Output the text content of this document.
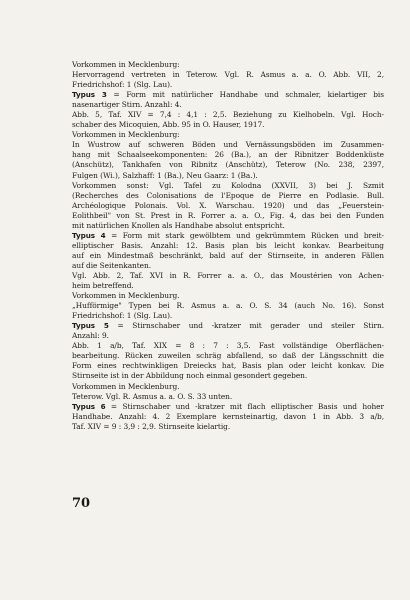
Vorkommen in Mecklenburg:
Hervorragend vertreten in Teterow. Vgl. R. Asmus a. a. O. Abb. VII, 2,
Friedrichshof: 1 (Slg. Lau).
Typus 3 = Form mit natürlicher Handhabe und schmaler, kielartiger bis
nasenartiger Stirn. Anzahl: 4.
Abb. 5, Taf. XIV = 7,4 : 4,1 : 2,5. Beziehung zu Kielhobeln. Vgl. Hoch-
schaber des Micoquien, Abb. 95 in O. Hauser, 1917.
Vorkommen in Mecklenburg:
In Wustrow auf schweren Böden und Vernässungsböden im Zusammen-
hang mit Schaalseekomponenten: 26 (Ba.), an der Ribnitzer Boddenküste
(Anschütz), Tankhafen von Ribnitz (Anschütz), Teterow (No. 238, 2397,
Fulgen (Wi.), Salzhaff: 1 (Ba.), Neu Gaarz: 1 (Ba.).
Vorkommen sonst: Vgl. Tafel zu Kolodna (XXVII, 3) bei J. Szmit
(Recherches des Colonisations de l'Epoque de Pierre en Podlasie. Bull.
Archéologique Polonais. Vol. X. Warschau. 1920) und das „Feuerstein-
Eolithbeil" von St. Prest in R. Forrer a. a. O., Fig. 4, das bei den Funden
mit natürlichen Knollen als Handhabe absolut entspricht.
Typus 4 = Form mit stark gewölbtem und gekrümmtem Rücken und breit-
elliptischer Basis. Anzahl: 12. Basis plan bis leicht konkav. Bearbeitung
auf ein Mindestmaß beschränkt, bald auf der Stirnseite, in anderen Fällen
auf die Seitenkanten.
Vgl. Abb. 2, Taf. XVI in R. Forrer a. a. O., das Moustérien von Achen-
heim betreffend.
Vorkommen in Mecklenburg.
„Hufförmige" Typen bei R. Asmus a. a. O. S. 34 (auch No. 16). Sonst
Friedrichshof: 1 (Slg. Lau).
Typus 5 = Stirnschaber und -kratzer mit gerader und steiler Stirn.
Anzahl: 9.
Abb. 1 a/b, Taf. XIX = 8 : 7 : 3,5. Fast vollständige Oberflächen-
bearbeitung. Rücken zuweilen schräg abfallend, so daß der Längsschnitt die
Form eines rechtwinkligen Dreiecks hat, Basis plan oder leicht konkav. Die
Stirnseite ist in der Abbildung noch einmal gesondert gegeben.
Vorkommen in Mecklenburg.
Teterow. Vgl. R. Asmus a. a. O. S. 33 unten.
Typus 6 = Stirnschaber und -kratzer mit flach elliptischer Basis und hoher
Handhabe. Anzahl: 4. 2 Exemplare kernsteinartig, davon 1 in Abb. 3 a/b,
Taf. XIV = 9 : 3,9 : 2,9. Stirnseite kielartig.
70
